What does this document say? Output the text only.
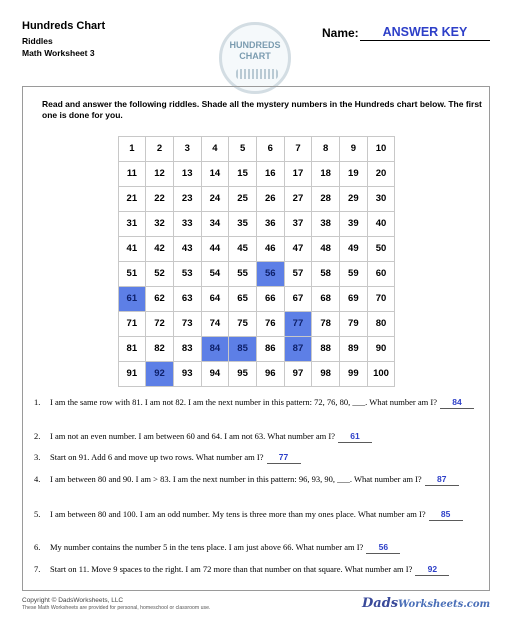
Hundreds Chart
Riddles
Math Worksheet 3
HUNDREDS
CHART
Name:	ANSWER KEY
Read and answer the following riddles. Shade all the mystery numbers in the Hundreds chart below. The first one is done for you.
1	2	3	4	5	6	7	8	9	10
11	12	13	14	15	16	17	18	19	20
21	22	23	24	25	26	27	28	29	30
31	32	33	34	35	36	37	38	39	40
41	42	43	44	45	46	47	48	49	50
51	52	53	54	55	56	57	58	59	60
61	62	63	64	65	66	67	68	69	70
71	72	73	74	75	76	77	78	79	80
81	82	83	84	85	86	87	88	89	90
91	92	93	94	95	96	97	98	99	100
1. I am the same row with 81. I am not 82. I am the next number in this pattern: 72, 76, 80, ___. What number am I? 84
2. I am not an even number. I am between 60 and 64. I am not 63. What number am I? 61
3. Start on 91. Add 6 and move up two rows. What number am I? 77
4. I am between 80 and 90. I am > 83. I am the next number in this pattern: 96, 93, 90, ___. What number am I? 87
5. I am between 80 and 100. I am an odd number. My tens is three more than my ones place. What number am I? 85
6. My number contains the number 5 in the tens place. I am just above 66. What number am I? 56
7. Start on 11. Move 9 spaces to the right. I am 72 more than that number on that square. What number am I? 92
Copyright © DadsWorksheets, LLC
These Math Worksheets are provided for personal, homeschool or classroom use.	DadsWorksheets.com
